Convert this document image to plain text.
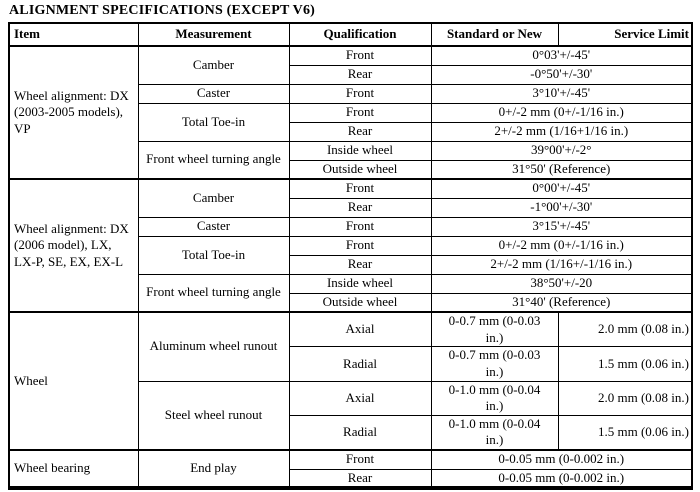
ALIGNMENT SPECIFICATIONS (EXCEPT V6)
Item	Measurement	Qualification	Standard or New	Service Limit
Wheel alignment: DX (2003-2005 models), VP	Camber	Front	0°03'+/-45'	
		Rear	-0°50'+/-30'	
	Caster	Front	3°10'+/-45'	
	Total Toe-in	Front	0+/-2 mm (0+/-1/16 in.)	
		Rear	2+/-2 mm (1/16+1/16 in.)	
	Front wheel turning angle	Inside wheel	39°00'+/-2°	
		Outside wheel	31°50' (Reference)	
Wheel alignment: DX (2006 model), LX, LX-P, SE, EX, EX-L	Camber	Front	0°00'+/-45'	
		Rear	-1°00'+/-30'	
	Caster	Front	3°15'+/-45'	
	Total Toe-in	Front	0+/-2 mm (0+/-1/16 in.)	
		Rear	2+/-2 mm (1/16+/-1/16 in.)	
	Front wheel turning angle	Inside wheel	38°50'+/-20	
		Outside wheel	31°40' (Reference)	
Wheel	Aluminum wheel runout	Axial	0-0.7 mm (0-0.03 in.)	2.0 mm (0.08 in.)
		Radial	0-0.7 mm (0-0.03 in.)	1.5 mm (0.06 in.)
	Steel wheel runout	Axial	0-1.0 mm (0-0.04 in.)	2.0 mm (0.08 in.)
		Radial	0-1.0 mm (0-0.04 in.)	1.5 mm (0.06 in.)
Wheel bearing	End play	Front	0-0.05 mm (0-0.002 in.)	
		Rear	0-0.05 mm (0-0.002 in.)	
